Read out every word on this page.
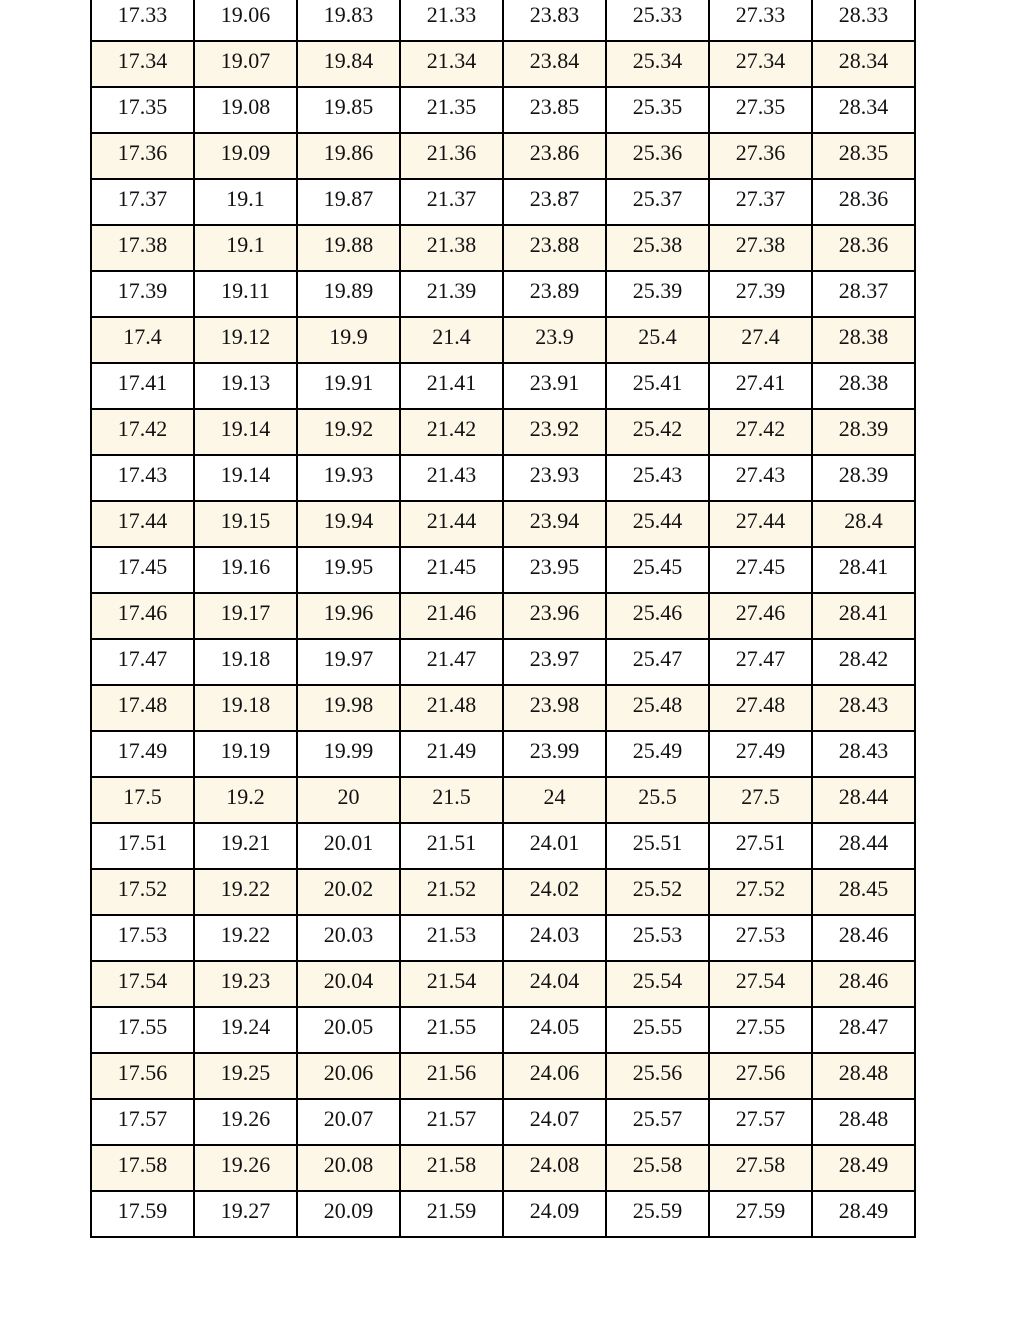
17.33	19.06	19.83	21.33	23.83	25.33	27.33	28.33
17.34	19.07	19.84	21.34	23.84	25.34	27.34	28.34
17.35	19.08	19.85	21.35	23.85	25.35	27.35	28.34
17.36	19.09	19.86	21.36	23.86	25.36	27.36	28.35
17.37	19.1	19.87	21.37	23.87	25.37	27.37	28.36
17.38	19.1	19.88	21.38	23.88	25.38	27.38	28.36
17.39	19.11	19.89	21.39	23.89	25.39	27.39	28.37
17.4	19.12	19.9	21.4	23.9	25.4	27.4	28.38
17.41	19.13	19.91	21.41	23.91	25.41	27.41	28.38
17.42	19.14	19.92	21.42	23.92	25.42	27.42	28.39
17.43	19.14	19.93	21.43	23.93	25.43	27.43	28.39
17.44	19.15	19.94	21.44	23.94	25.44	27.44	28.4
17.45	19.16	19.95	21.45	23.95	25.45	27.45	28.41
17.46	19.17	19.96	21.46	23.96	25.46	27.46	28.41
17.47	19.18	19.97	21.47	23.97	25.47	27.47	28.42
17.48	19.18	19.98	21.48	23.98	25.48	27.48	28.43
17.49	19.19	19.99	21.49	23.99	25.49	27.49	28.43
17.5	19.2	20	21.5	24	25.5	27.5	28.44
17.51	19.21	20.01	21.51	24.01	25.51	27.51	28.44
17.52	19.22	20.02	21.52	24.02	25.52	27.52	28.45
17.53	19.22	20.03	21.53	24.03	25.53	27.53	28.46
17.54	19.23	20.04	21.54	24.04	25.54	27.54	28.46
17.55	19.24	20.05	21.55	24.05	25.55	27.55	28.47
17.56	19.25	20.06	21.56	24.06	25.56	27.56	28.48
17.57	19.26	20.07	21.57	24.07	25.57	27.57	28.48
17.58	19.26	20.08	21.58	24.08	25.58	27.58	28.49
17.59	19.27	20.09	21.59	24.09	25.59	27.59	28.49
